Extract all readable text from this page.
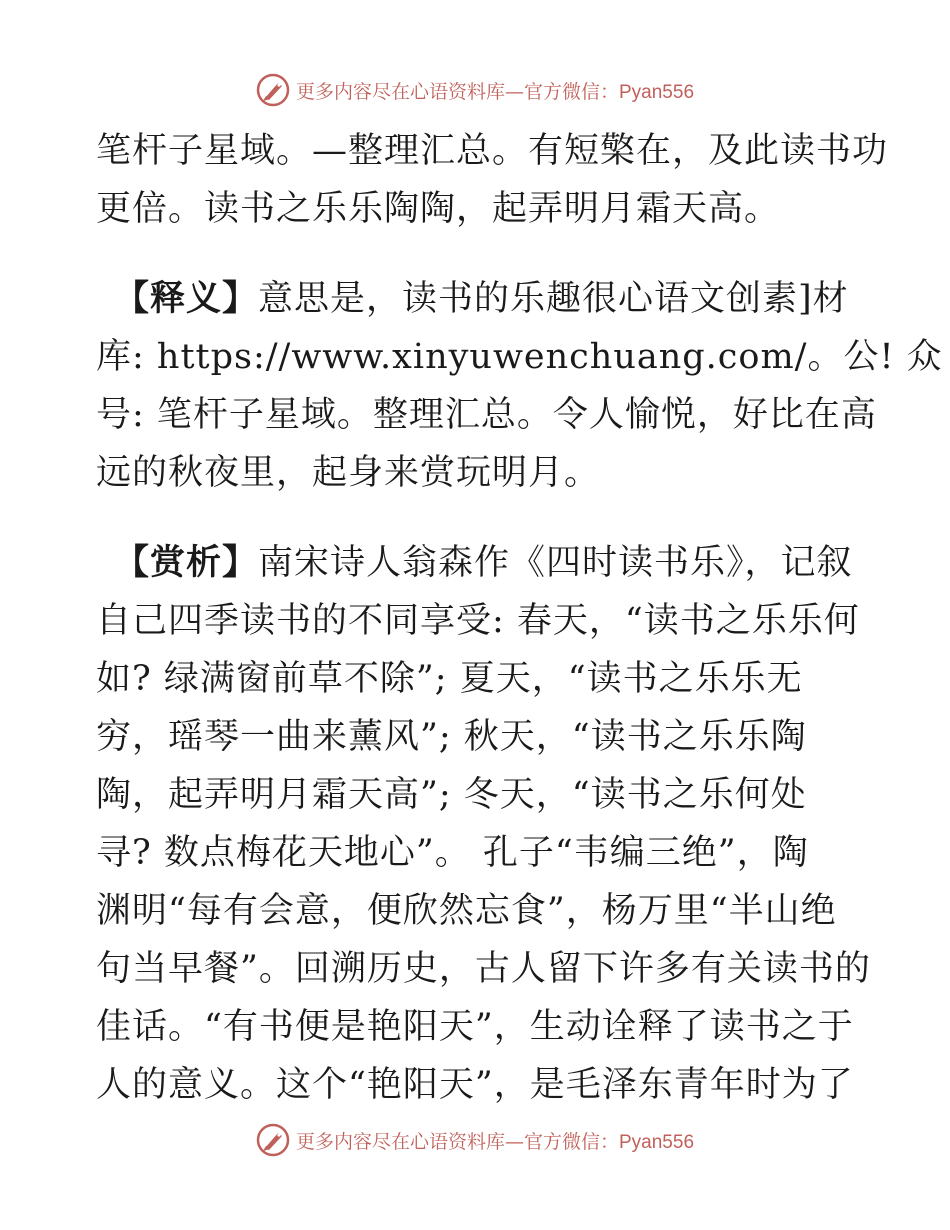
更多内容尽在心语资料库—官方微信：Pyan556
笔杆子星域。—整理汇总。有短檠在，及此读书功
更倍。读书之乐乐陶陶，起弄明月霜天高。
【释义】意思是，读书的乐趣很心语文创素]材
库: https://www.xinyuwenchuang.com/。公! 众
号: 笔杆子星域。整理汇总。令人愉悦，好比在高
远的秋夜里，起身来赏玩明月。
【赏析】南宋诗人翁森作《四时读书乐》，记叙
自己四季读书的不同享受: 春天，“读书之乐乐何
如? 绿满窗前草不除”; 夏天，“读书之乐乐无
穷，瑶琴一曲来薰风”; 秋天，“读书之乐乐陶
陶，起弄明月霜天高”; 冬天，“读书之乐何处
寻? 数点梅花天地心”。 孔子“韦编三绝”，陶
渊明“每有会意，便欣然忘食”，杨万里“半山绝
句当早餐”。回溯历史，古人留下许多有关读书的
佳话。“有书便是艳阳天”，生动诠释了读书之于
人的意义。这个“艳阳天”，是毛泽东青年时为了
更多内容尽在心语资料库—官方微信：Pyan556
